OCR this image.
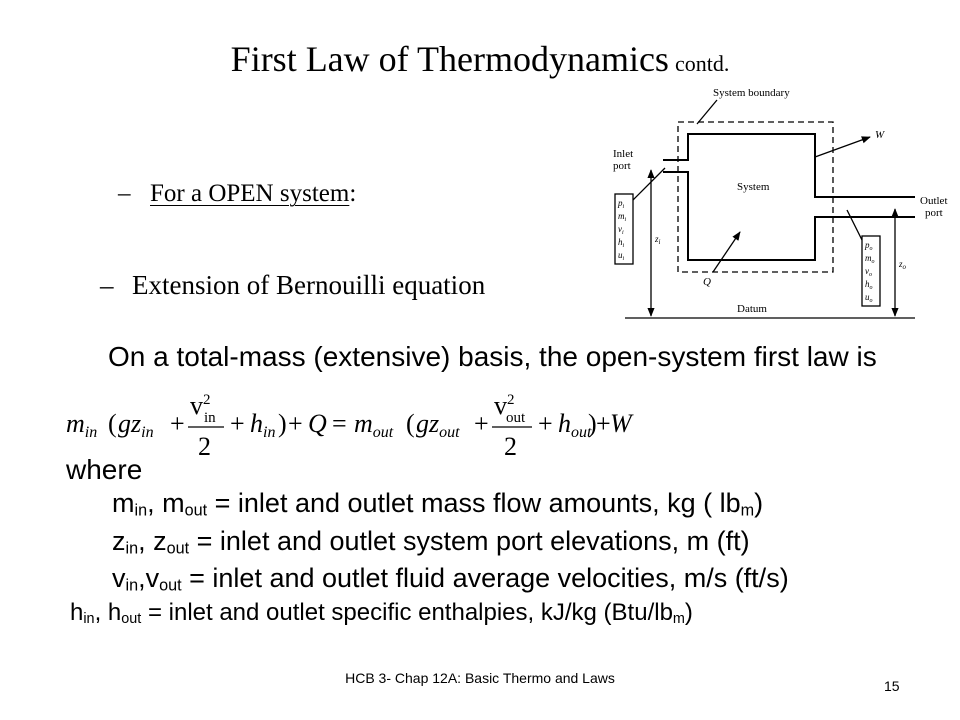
First Law of Thermodynamics contd.
– For a OPEN system:
– Extension of Bernouilli equation
On a total-mass (extensive) basis, the open-system first law is
min ( gzin +
$v^2$
in
2
+ hin ) + Q = mout ( gzout +
$v^2$
out
2
+ hout
) + W
where
$m_{in}$, $m_{out}$ = inlet and outlet mass flow amounts, kg ( $lb_m$)
$z_{in}$, $z_{out}$ = inlet and outlet system port elevations, m (ft)
$v_{in},v_{out}$ = inlet and outlet fluid average velocities, m/s (ft/s)
$h_{in}$, $h_{out}$ = inlet and outlet specific enthalpies, kJ/kg $(Btu/lb_m)$
HCB 3- Chap 12A: Basic Thermo and Laws	15
System boundary
W
Inlet port
Outlet port
System
Q
Datum
$z_i$
$z_o$
$p_i$
$m_i$
$v_i$
$h_i$
$u_i$
$p_o$
$m_o$
$v_o$
$h_o$
$u_o$
